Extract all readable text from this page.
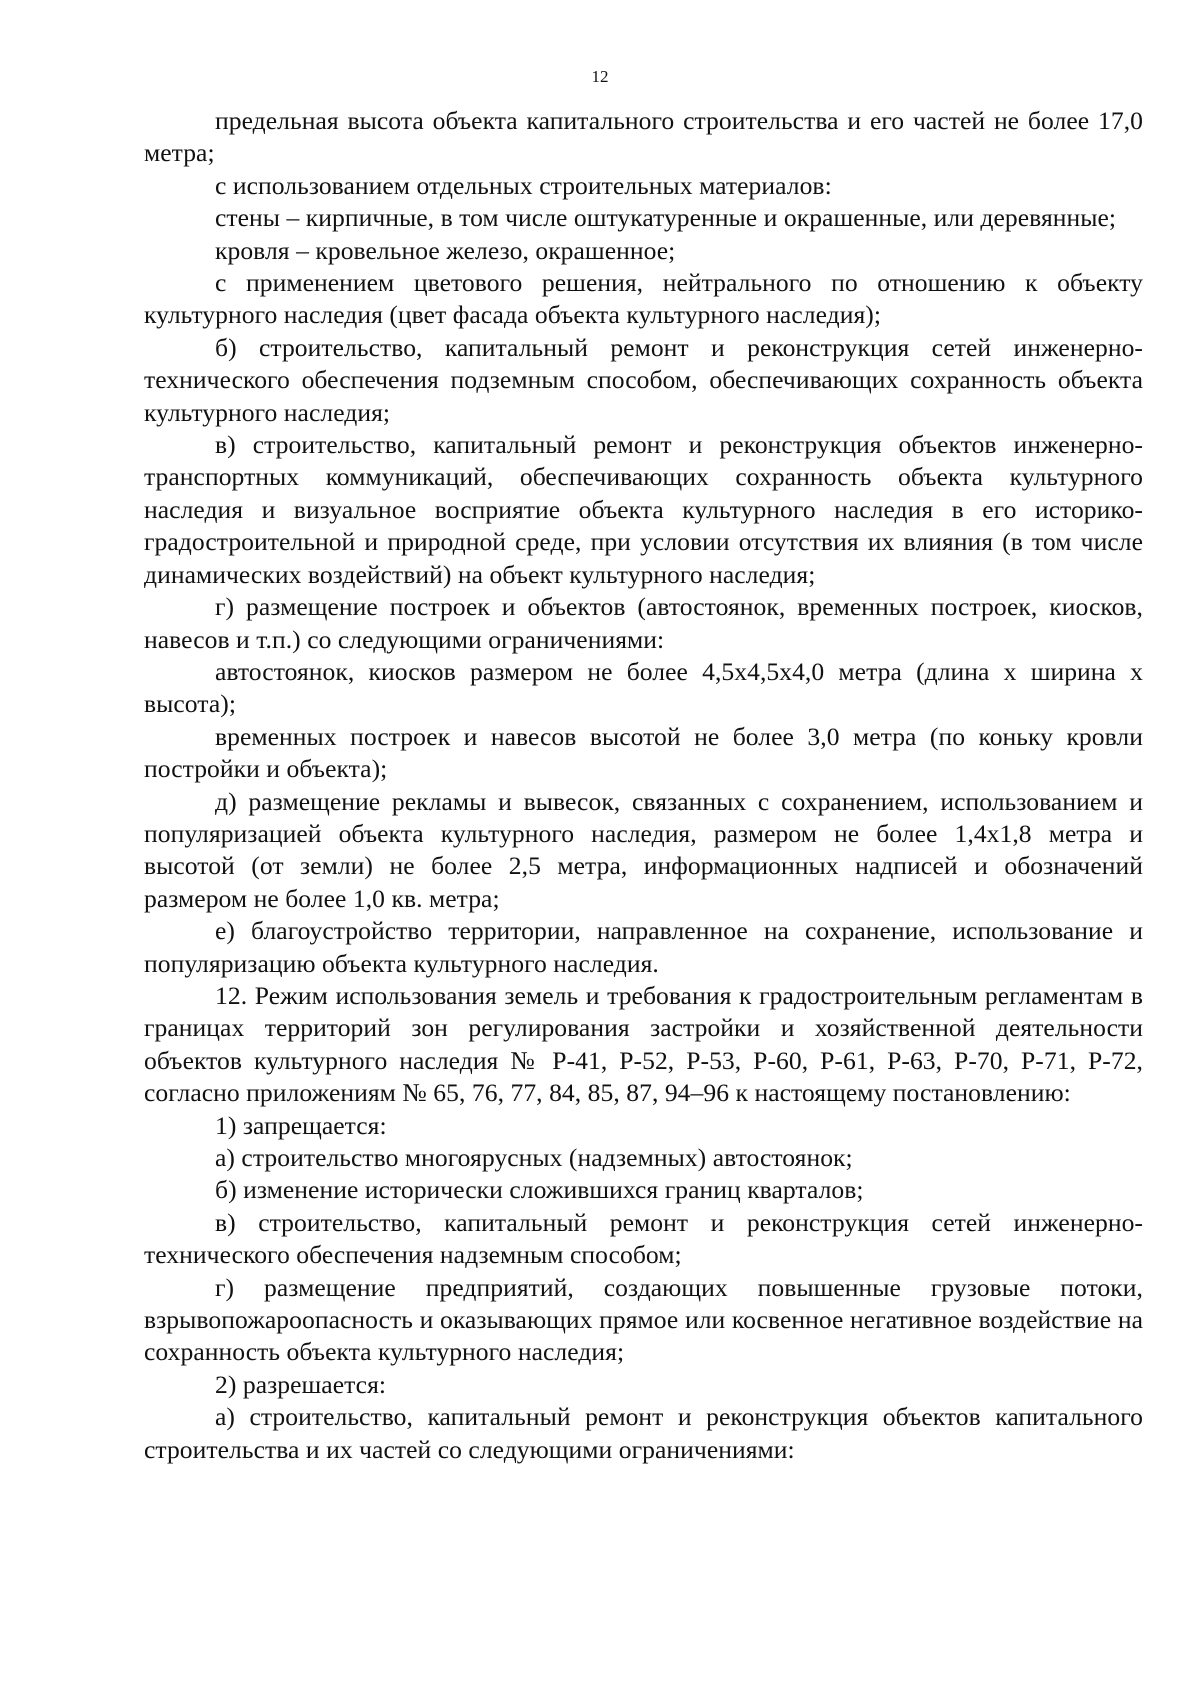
12

предельная высота объекта капитального строительства и его частей не более 17,0 метра;

с использованием отдельных строительных материалов:

стены – кирпичные, в том числе оштукатуренные и окрашенные, или деревянные;

кровля – кровельное железо, окрашенное;

с применением цветового решения, нейтрального по отношению к объекту культурного наследия (цвет фасада объекта культурного наследия);

б) строительство, капитальный ремонт и реконструкция сетей инженерно-технического обеспечения подземным способом, обеспечивающих сохранность объекта культурного наследия;

в) строительство, капитальный ремонт и реконструкция объектов инженерно-транспортных коммуникаций, обеспечивающих сохранность объекта культурного наследия и визуальное восприятие объекта культурного наследия в его историко-градостроительной и природной среде, при условии отсутствия их влияния (в том числе динамических воздействий) на объект культурного наследия;

г) размещение построек и объектов (автостоянок, временных построек, киосков, навесов и т.п.) со следующими ограничениями:

автостоянок, киосков размером не более 4,5х4,5х4,0 метра (длина х ширина х высота);

временных построек и навесов высотой не более 3,0 метра (по коньку кровли постройки и объекта);

д) размещение рекламы и вывесок, связанных с сохранением, использованием и популяризацией объекта культурного наследия, размером не более 1,4х1,8 метра и высотой (от земли) не более 2,5 метра, информационных надписей и обозначений размером не более 1,0 кв. метра;

е) благоустройство территории, направленное на сохранение, использование и популяризацию объекта культурного наследия.

12. Режим использования земель и требования к градостроительным регламентам в границах территорий зон регулирования застройки и хозяйственной деятельности объектов культурного наследия № Р-41, Р-52, Р-53, Р-60, Р-61, Р-63, Р-70, Р-71, Р-72, согласно приложениям № 65, 76, 77, 84, 85, 87, 94–96 к настоящему постановлению:

1) запрещается:

а) строительство многоярусных (надземных) автостоянок;

б) изменение исторически сложившихся границ кварталов;

в) строительство, капитальный ремонт и реконструкция сетей инженерно-технического обеспечения надземным способом;

г) размещение предприятий, создающих повышенные грузовые потоки, взрывопожароопасность и оказывающих прямое или косвенное негативное воздействие на сохранность объекта культурного наследия;

2) разрешается:

а) строительство, капитальный ремонт и реконструкция объектов капитального строительства и их частей со следующими ограничениями:
